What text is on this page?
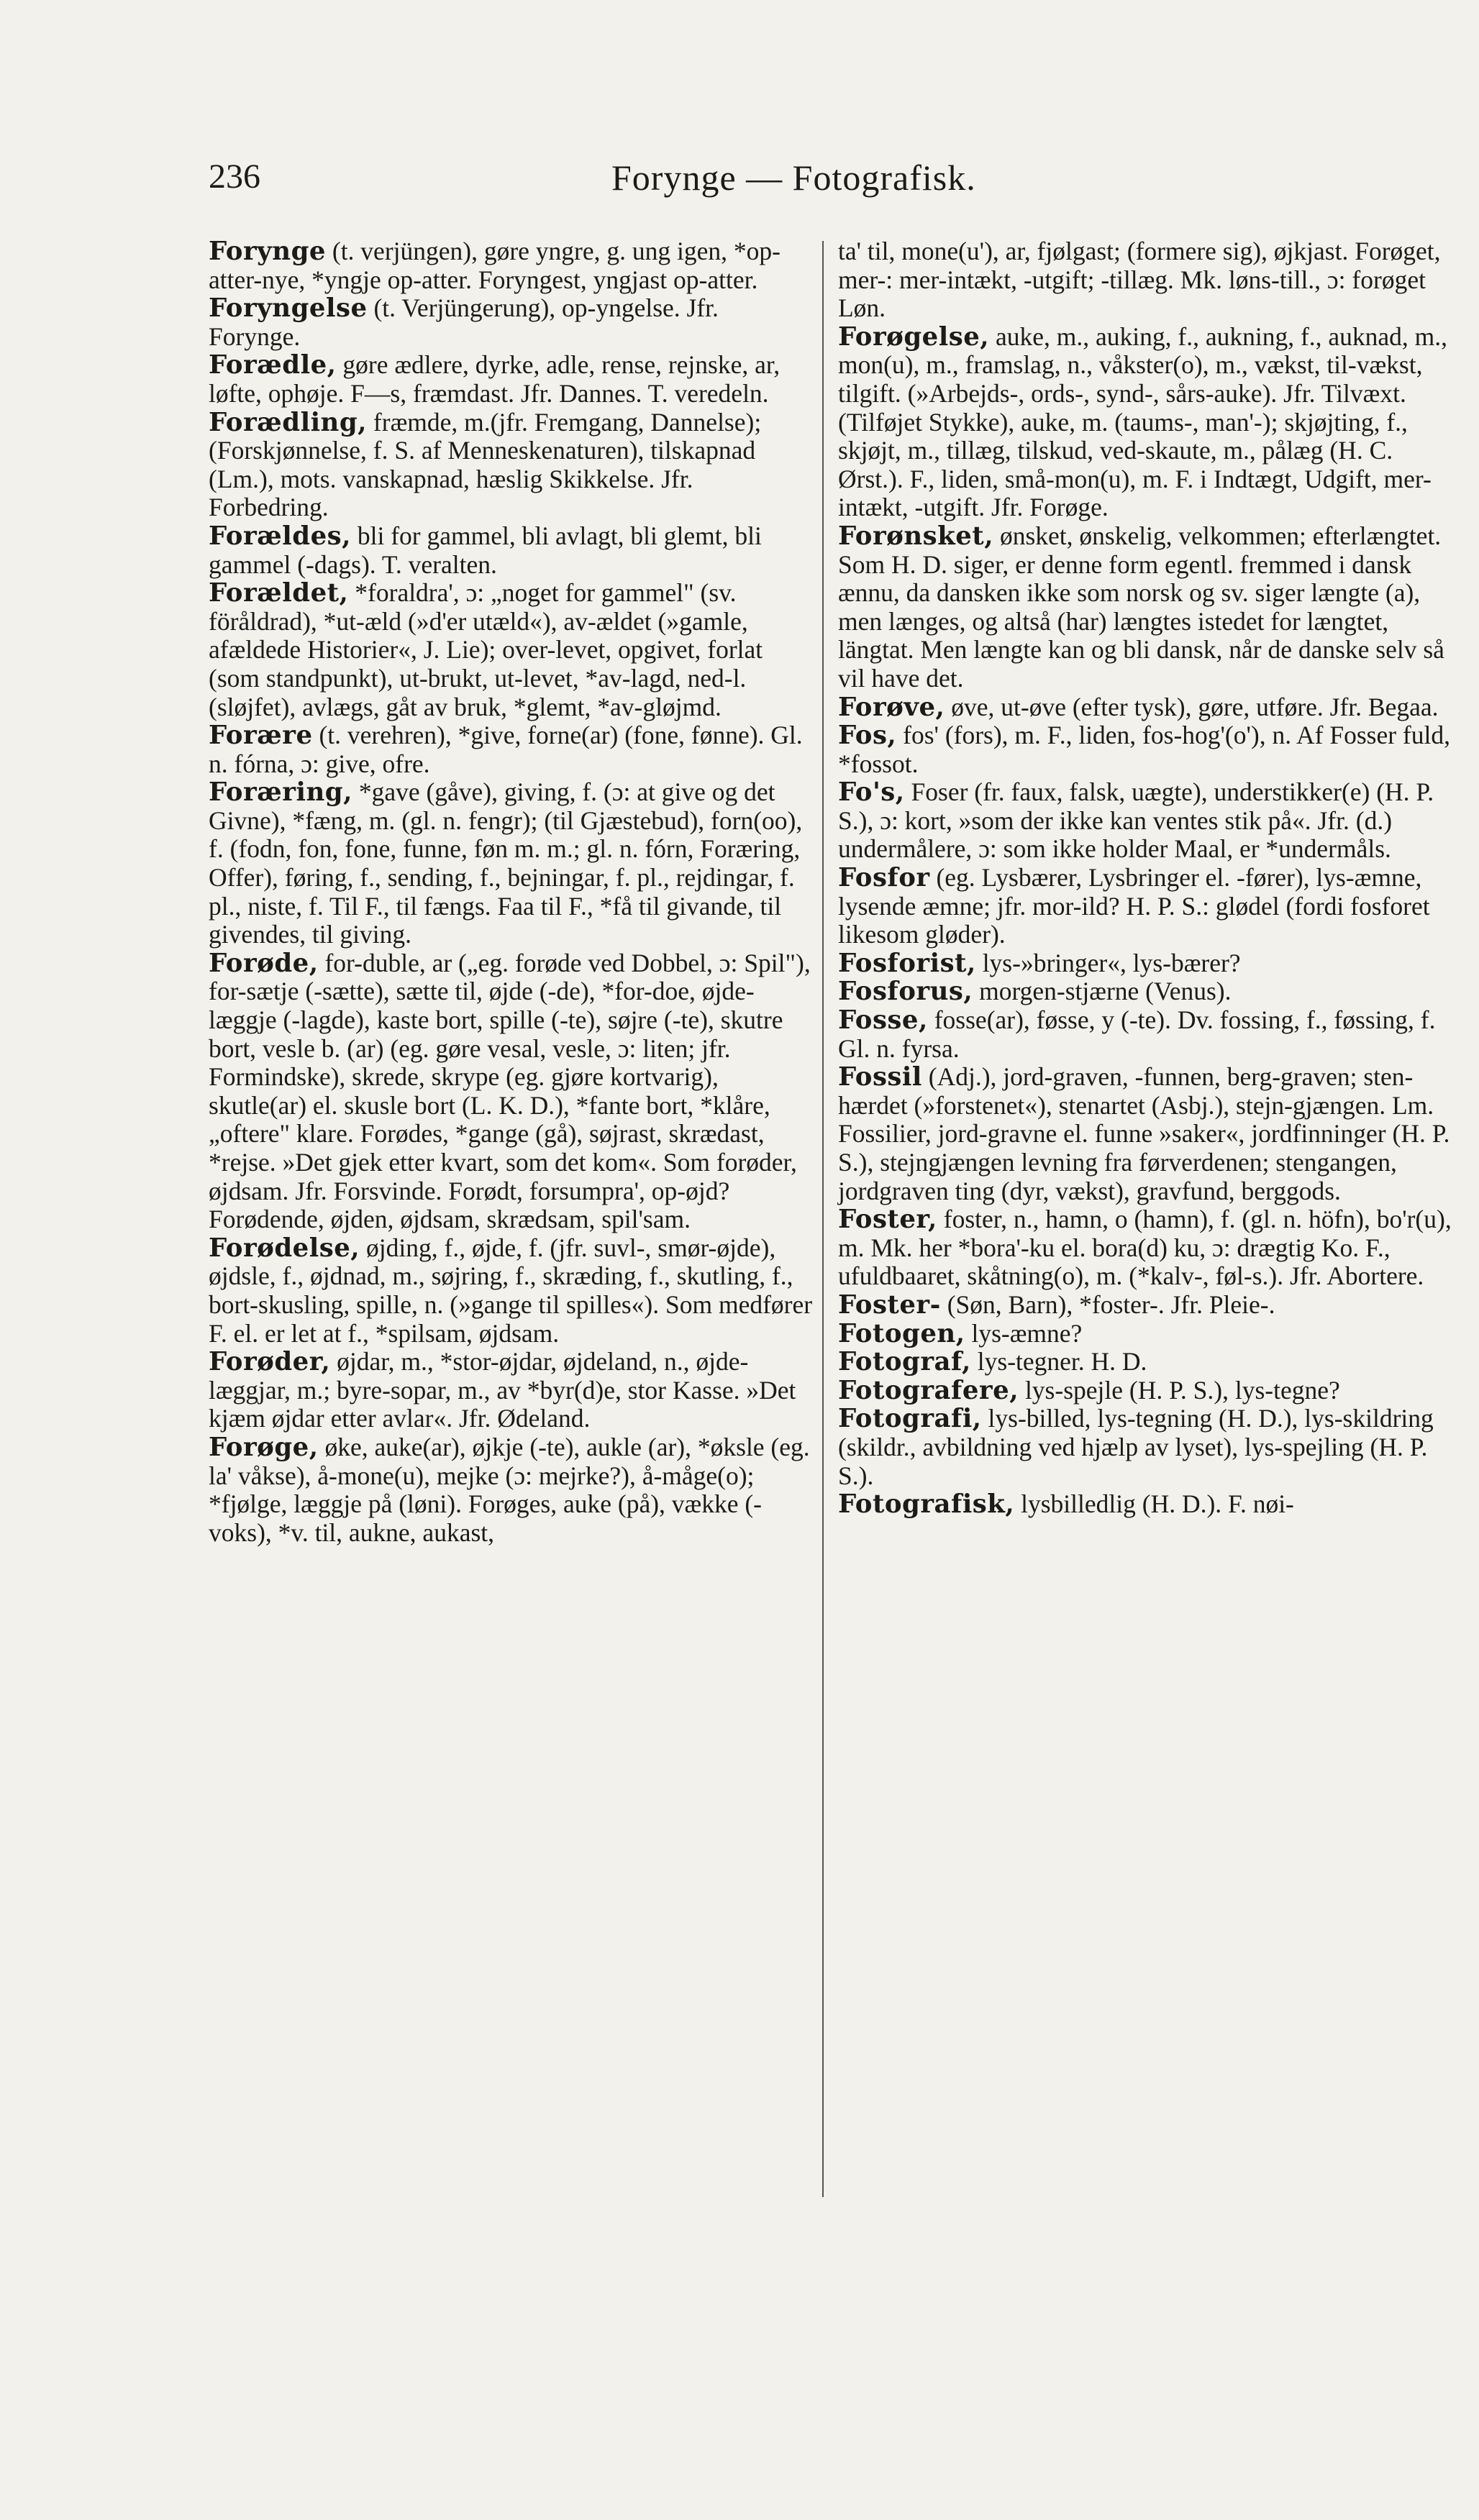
236	Forynge — Fotografisk.

Forynge (t. verjüngen), gøre yngre, g. ung igen, *op-atter-nye, *yngje op-atter. Foryngest, yngjast op-atter.

Foryngelse (t. Verjüngerung), op-yngelse. Jfr. Forynge.

Forædle, gøre ædlere, dyrke, adle, rense, rejnske, ar, løfte, ophøje. F—s, fræmdast. Jfr. Dannes. T. veredeln.

Forædling, fræmde, m.(jfr. Fremgang, Dannelse); (Forskjønnelse, f. S. af Menneskenaturen), tilskapnad (Lm.), mots. vanskapnad, hæslig Skikkelse. Jfr. Forbedring.

Forældes, bli for gammel, bli avlagt, bli glemt, bli gammel (-dags). T. veralten.

Forældet, *foraldra', ɔ: „noget for gammel" (sv. föråldrad), *ut-æld (»d'er utæld«), av-ældet (»gamle, afældede Historier«, J. Lie); over-levet, opgivet, forlat (som standpunkt), ut-brukt, ut-levet, *av-lagd, ned-l. (sløjfet), avlægs, gåt av bruk, *glemt, *av-gløjmd.

Forære (t. verehren), *give, forne(ar) (fone, fønne). Gl. n. fórna, ɔ: give, ofre.

Foræring, *gave (gåve), giving, f. (ɔ: at give og det Givne), *fæng, m. (gl. n. fengr); (til Gjæstebud), forn(oo), f. (fodn, fon, fone, funne, føn m. m.; gl. n. fórn, Foræring, Offer), føring, f., sending, f., bejningar, f. pl., rejdingar, f. pl., niste, f. Til F., til fængs. Faa til F., *få til givande, til givendes, til giving.

Forøde, for-duble, ar („eg. forøde ved Dobbel, ɔ: Spil"), for-sætje (-sætte), sætte til, øjde (-de), *for-doe, øjde-læggje (-lagde), kaste bort, spille (-te), søjre (-te), skutre bort, vesle b. (ar) (eg. gøre vesal, vesle, ɔ: liten; jfr. Formindske), skrede, skrype (eg. gjøre kortvarig), skutle(ar) el. skusle bort (L. K. D.), *fante bort, *klåre, „oftere" klare. Forødes, *gange (gå), søjrast, skrædast, *rejse. »Det gjek etter kvart, som det kom«. Som forøder, øjdsam. Jfr. Forsvinde. Forødt, forsumpra', op-øjd? Forødende, øjden, øjdsam, skrædsam, spil'sam.

Forødelse, øjding, f., øjde, f. (jfr. suvl-, smør-øjde), øjdsle, f., øjdnad, m., søjring, f., skræding, f., skutling, f., bort-skusling, spille, n. (»gange til spilles«). Som medfører F. el. er let at f., *spilsam, øjdsam.

Forøder, øjdar, m., *stor-øjdar, øjdeland, n., øjde-læggjar, m.; byre-sopar, m., av *byr(d)e, stor Kasse. »Det kjæm øjdar etter avlar«. Jfr. Ødeland.

Forøge, øke, auke(ar), øjkje (-te), aukle (ar), *økslе (eg. la' våkse), å-mone(u), mejke (ɔ: mejrke?), å-måge(o); *fjølge, læggje på (løni). Forøges, auke (på), vække (-voks), *v. til, aukne, aukast,

ta' til, mone(u'), ar, fjølgast; (formere sig), øjkjast. Forøget, mer-: mer-intækt, -utgift; -tillæg. Mk. løns-till., ɔ: forøget Løn.

Forøgelse, auke, m., auking, f., aukning, f., auknad, m., mon(u), m., framslag, n., våkster(o), m., vækst, til-vækst, tilgift. (»Arbejds-, ords-, synd-, sårs-auke). Jfr. Tilvæxt. (Tilføjet Stykke), auke, m. (taums-, man'-); skjøjting, f., skjøjt, m., tillæg, tilskud, ved-skaute, m., pålæg (H. C. Ørst.). F., liden, små-mon(u), m. F. i Indtægt, Udgift, mer-intækt, -utgift. Jfr. Forøge.

Forønsket, ønsket, ønskelig, velkommen; efterlængtet. Som H. D. siger, er denne form egentl. fremmed i dansk ænnu, da dansken ikke som norsk og sv. siger længte (a), men længes, og altså (har) længtes istedet for længtet, längtat. Men længte kan og bli dansk, når de danske selv så vil have det.

Forøve, øve, ut-øve (efter tysk), gøre, utføre. Jfr. Begaa.

Fos, fos' (fors), m. F., liden, fos-hog'(o'), n. Af Fosser fuld, *fossot.

Fo's, Foser (fr. faux, falsk, uægte), understikker(e) (H. P. S.), ɔ: kort, »som der ikke kan ventes stik på«. Jfr. (d.) undermålere, ɔ: som ikke holder Maal, er *undermåls.

Fosfor (eg. Lysbærer, Lysbringer el. -fører), lys-æmne, lysende æmne; jfr. mor-ild? H. P. S.: glødel (fordi fosforet likesom gløder).

Fosforist, lys-»bringer«, lys-bærer?

Fosforus, morgen-stjærne (Venus).

Fosse, fosse(ar), føsse, y (-te). Dv. fossing, f., føssing, f. Gl. n. fyrsa.

Fossil (Adj.), jord-graven, -funnen, berg-graven; sten-hærdet (»forstenet«), stenartet (Asbj.), stejn-gjængen. Lm. Fossilier, jord-gravne el. funne »saker«, jordfinninger (H. P. S.), stejngjængen levning fra førverdenen; stengangen, jordgraven ting (dyr, vækst), gravfund, berggods.

Foster, foster, n., hamn, o (hamn), f. (gl. n. höfn), bo'r(u), m. Mk. her *bora'-ku el. bora(d) ku, ɔ: drægtig Ko. F., ufuldbaaret, skåtning(o), m. (*kalv-, føl-s.). Jfr. Abortere.

Foster- (Søn, Barn), *foster-. Jfr. Pleie-.

Fotogen, lys-æmne?

Fotograf, lys-tegner. H. D.

Fotografere, lys-spejle (H. P. S.), lys-tegne?

Fotografi, lys-billed, lys-tegning (H. D.), lys-skildring (skildr., avbildning ved hjælp av lyset), lys-spejling (H. P. S.).

Fotografisk, lysbilledlig (H. D.). F. nøi-
